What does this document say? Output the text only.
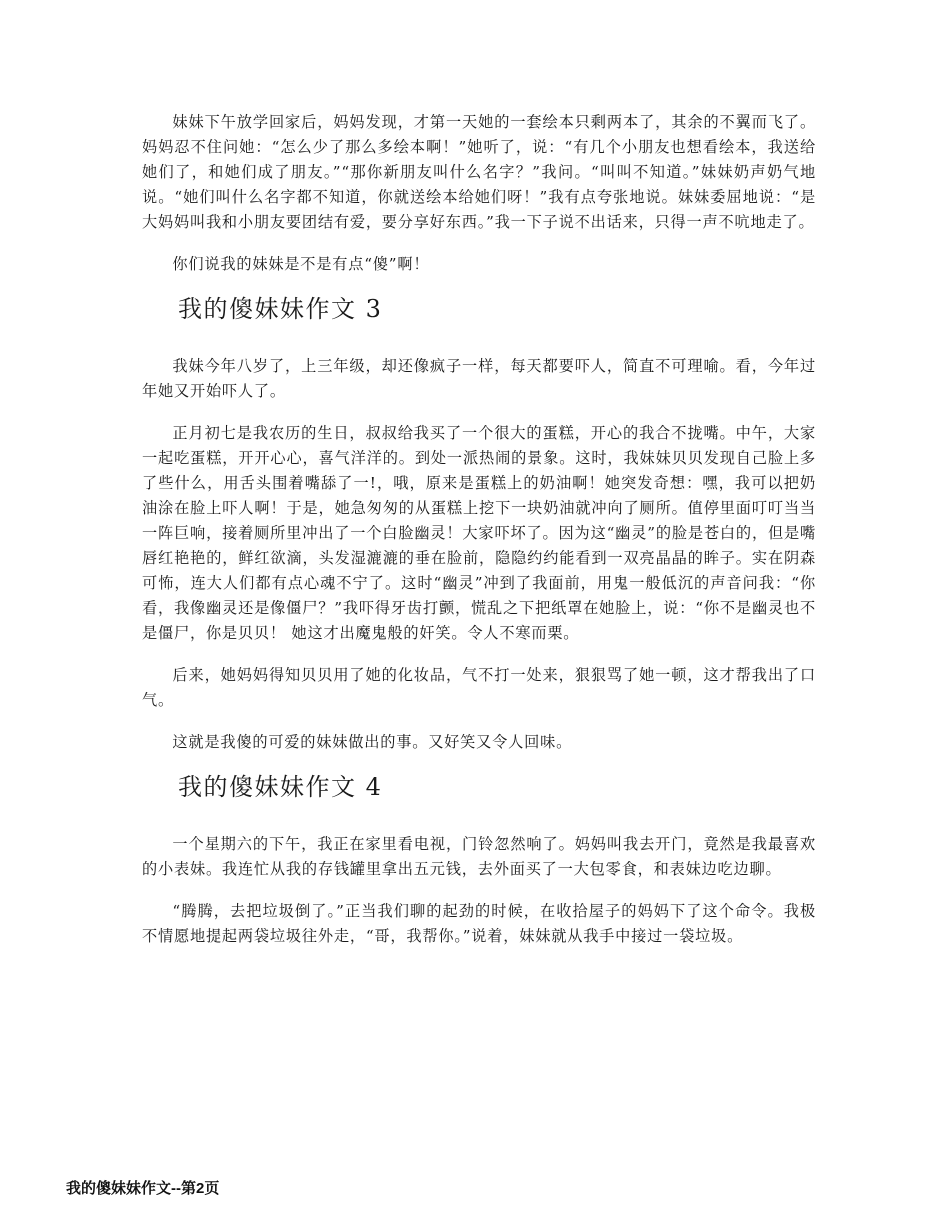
妹妹下午放学回家后，妈妈发现，才第一天她的一套绘本只剩两本了，其余的不翼而飞了。妈妈忍不住问她：“怎么少了那么多绘本啊！”她听了，说：“有几个小朋友也想看绘本，我送给她们了，和她们成了朋友。”“那你新朋友叫什么名字？”我问。“叫叫不知道。”妹妹奶声奶气地说。“她们叫什么名字都不知道，你就送绘本给她们呀！”我有点夸张地说。妹妹委屈地说：“是大妈妈叫我和小朋友要团结有爱，要分享好东西。”我一下子说不出话来，只得一声不吭地走了。

你们说我的妹妹是不是有点“傻”啊！

我的傻妹妹作文 3

我妹今年八岁了，上三年级，却还像疯子一样，每天都要吓人，简直不可理喻。看，今年过年她又开始吓人了。

正月初七是我农历的生日，叔叔给我买了一个很大的蛋糕，开心的我合不拢嘴。中午，大家一起吃蛋糕，开开心心，喜气洋洋的。到处一派热闹的景象。这时，我妹妹贝贝发现自己脸上多了些什么，用舌头围着嘴舔了一!，哦，原来是蛋糕上的奶油啊！她突发奇想：嘿，我可以把奶油涂在脸上吓人啊！于是，她急匆匆的从蛋糕上挖下一块奶油就冲向了厕所。值停里面叮叮当当一阵巨响，接着厕所里冲出了一个白脸幽灵！大家吓坏了。因为这“幽灵”的脸是苍白的，但是嘴唇红艳艳的，鲜红欲滴，头发湿漉漉的垂在脸前，隐隐约约能看到一双亮晶晶的眸子。实在阴森可怖，连大人们都有点心魂不宁了。这时“幽灵”冲到了我面前，用鬼一般低沉的声音问我：“你看，我像幽灵还是像僵尸？”我吓得牙齿打颤，慌乱之下把纸罩在她脸上，说：“你不是幽灵也不是僵尸，你是贝贝！ 她这才出魔鬼般的奸笑。令人不寒而栗。

后来，她妈妈得知贝贝用了她的化妆品，气不打一处来，狠狠骂了她一顿，这才帮我出了口气。

这就是我傻的可爱的妹妹做出的事。又好笑又令人回味。

我的傻妹妹作文 4

一个星期六的下午，我正在家里看电视，门铃忽然响了。妈妈叫我去开门，竟然是我最喜欢的小表妹。我连忙从我的存钱罐里拿出五元钱，去外面买了一大包零食，和表妹边吃边聊。

“腾腾，去把垃圾倒了。”正当我们聊的起劲的时候，在收拾屋子的妈妈下了这个命令。我极不情愿地提起两袋垃圾往外走，“哥，我帮你。”说着，妹妹就从我手中接过一袋垃圾。

我的傻妹妹作文--第2页
